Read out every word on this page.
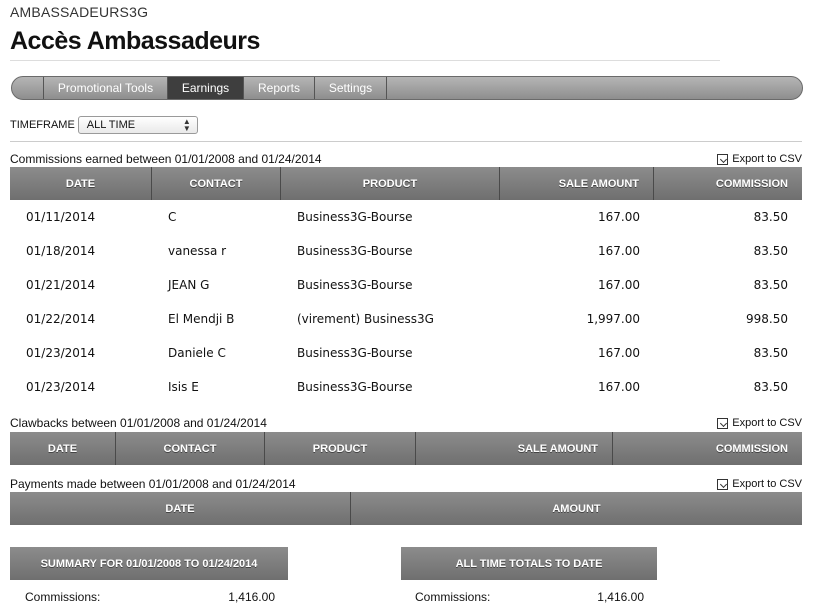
AMBASSADEURS3G
Accès Ambassadeurs
Promotional Tools	Earnings	Reports	Settings
TIMEFRAME	ALL TIME	▲
▼
Commissions earned between 01/01/2008 and 01/24/2014	Export to CSV
DATE	CONTACT	PRODUCT	SALE AMOUNT	COMMISSION
01/11/2014	C	Business3G-Bourse	167.00	83.50
01/18/2014	vanessa r	Business3G-Bourse	167.00	83.50
01/21/2014	JEAN G	Business3G-Bourse	167.00	83.50
01/22/2014	El Mendji B	(virement) Business3G	1,997.00	998.50
01/23/2014	Daniele C	Business3G-Bourse	167.00	83.50
01/23/2014	Isis E	Business3G-Bourse	167.00	83.50
Clawbacks between 01/01/2008 and 01/24/2014	Export to CSV
DATE	CONTACT	PRODUCT	SALE AMOUNT	COMMISSION
Payments made between 01/01/2008 and 01/24/2014	Export to CSV
DATE	AMOUNT
SUMMARY FOR 01/01/2008 TO 01/24/2014
Commissions:	1,416.00
ALL TIME TOTALS TO DATE
Commissions:	1,416.00
